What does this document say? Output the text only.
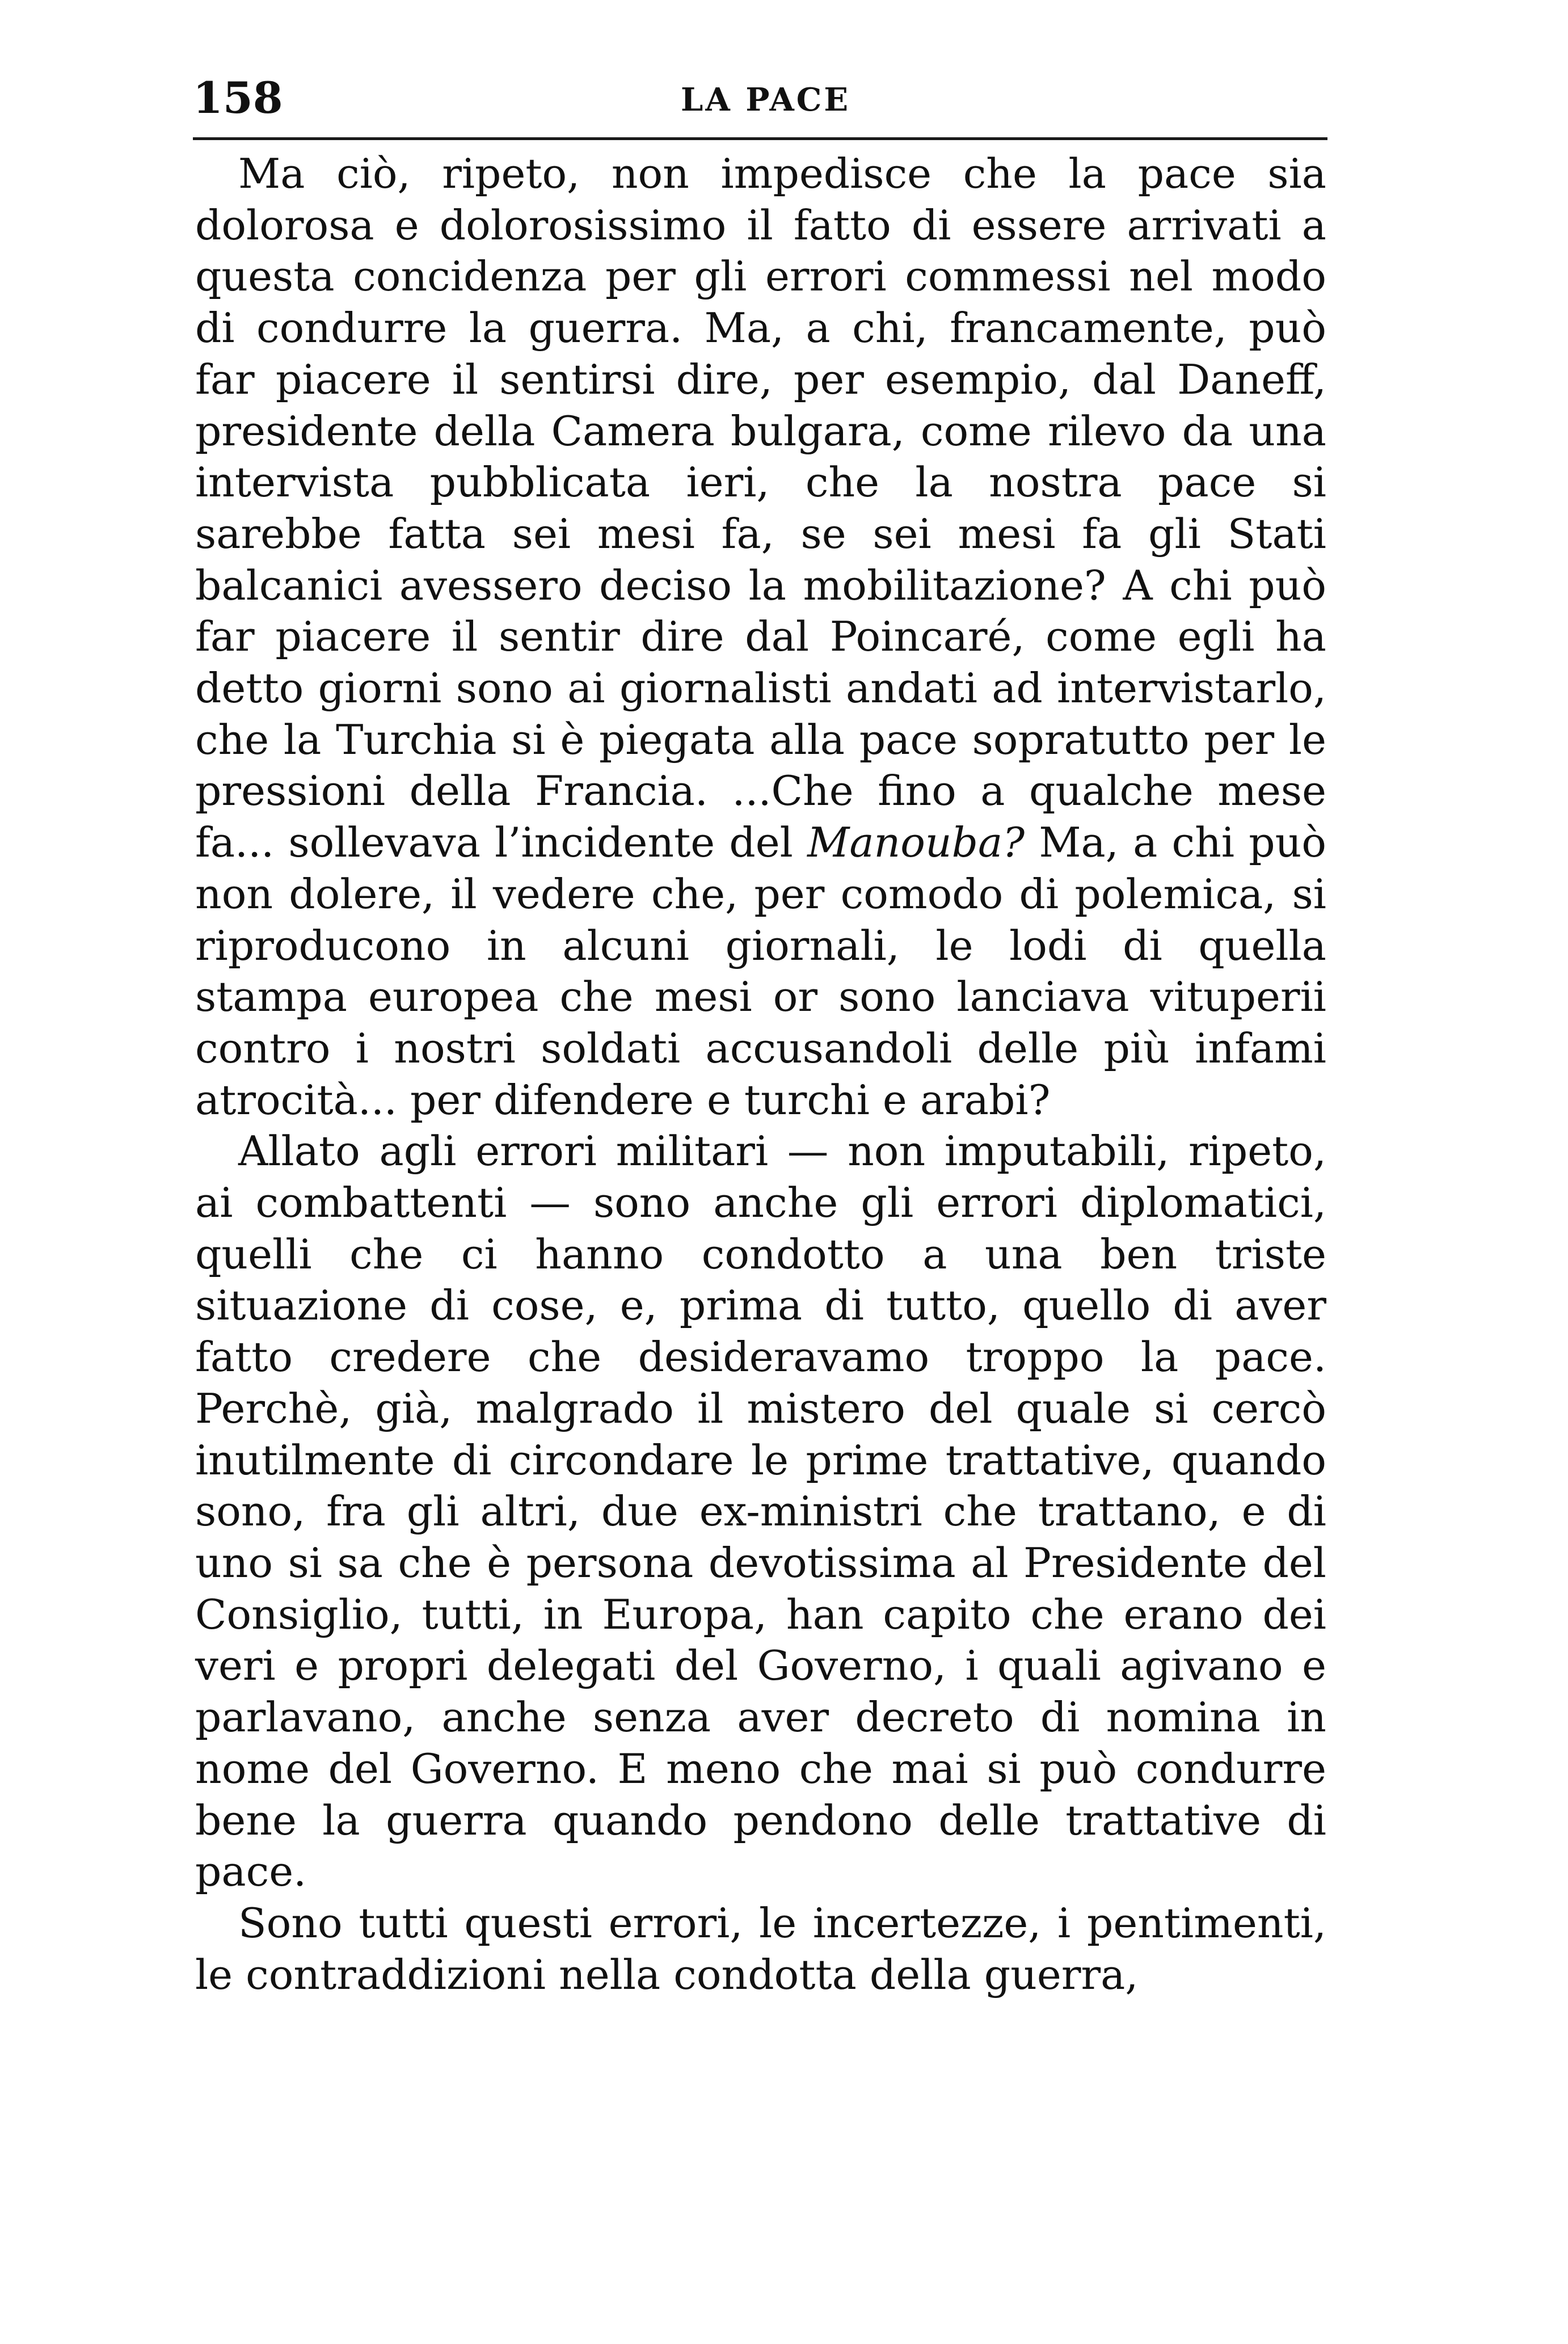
158	LA PACE

Ma ciò, ripeto, non impedisce che la pace sia dolorosa e dolorosissimo il fatto di essere arrivati a questa concidenza per gli errori commessi nel modo di condurre la guerra. Ma, a chi, francamente, può far piacere il sentirsi dire, per esempio, dal Daneff, presidente della Camera bulgara, come rilevo da una intervista pubblicata ieri, che la nostra pace si sarebbe fatta sei mesi fa, se sei mesi fa gli Stati balcanici avessero deciso la mobilitazione? A chi può far piacere il sentir dire dal Poincaré, come egli ha detto giorni sono ai giornalisti andati ad intervistarlo, che la Turchia si è piegata alla pace sopratutto per le pressioni della Francia. ...Che fino a qualche mese fa... sollevava l’incidente del Manouba? Ma, a chi può non dolere, il vedere che, per comodo di polemica, si riproducono in alcuni giornali, le lodi di quella stampa europea che mesi or sono lanciava vituperii contro i nostri soldati accusandoli delle più infami atrocità... per difendere e turchi e arabi?

Allato agli errori militari — non imputabili, ripeto, ai combattenti — sono anche gli errori diplomatici, quelli che ci hanno condotto a una ben triste situazione di cose, e, prima di tutto, quello di aver fatto credere che desideravamo troppo la pace. Perchè, già, malgrado il mistero del quale si cercò inutilmente di circondare le prime trattative, quando sono, fra gli altri, due ex-ministri che trattano, e di uno si sa che è persona devotissima al Presidente del Consiglio, tutti, in Europa, han capito che erano dei veri e propri delegati del Governo, i quali agivano e parlavano, anche senza aver decreto di nomina in nome del Governo. E meno che mai si può condurre bene la guerra quando pendono delle trattative di pace.

Sono tutti questi errori, le incertezze, i pentimenti, le contraddizioni nella condotta della guerra,
